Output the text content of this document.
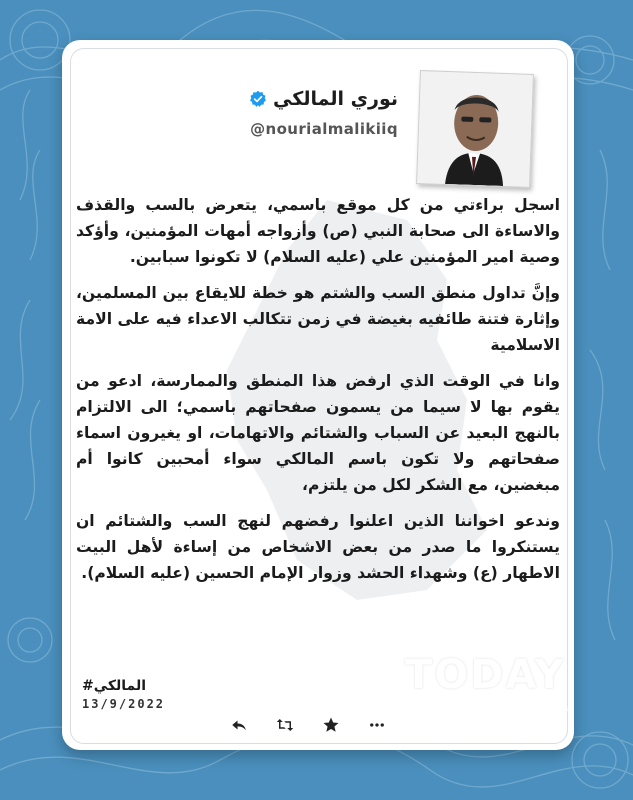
نوري المالكي
@nourialmalikiiq

اسجل براءتي من كل موقع باسمي، يتعرض بالسب والقذف والاساءة الى صحابة النبي (ص) وأزواجه أمهات المؤمنين، وأؤكد وصية امير المؤمنين علي (عليه السلام) لا تكونوا سبابين.

وإنَّ تداول منطق السب والشتم هو خطة للايقاع بين المسلمين، وإثارة فتنة طائفيه بغيضة في زمن تتكالب الاعداء فيه على الامة الاسلامية

وانا في الوقت الذي ارفض هذا المنطق والممارسة، ادعو من يقوم بها لا سيما من يسمون صفحاتهم باسمي؛ الى الالتزام بالنهج البعيد عن السباب والشتائم والاتهامات، او يغيرون اسماء صفحاتهم ولا تكون باسم المالكي سواء أمحبين كانوا أم مبغضين، مع الشكر لكل من يلتزم،

وندعو اخواننا الذين اعلنوا رفضهم لنهج السب والشتائم ان يستنكروا ما صدر من بعض الاشخاص من إساءة لأهل البيت الاطهار (ع) وشهداء الحشد وزوار الإمام الحسين (عليه السلام).

#المالكي
13/9/2022
TODAY
NEWS	تـوداي
